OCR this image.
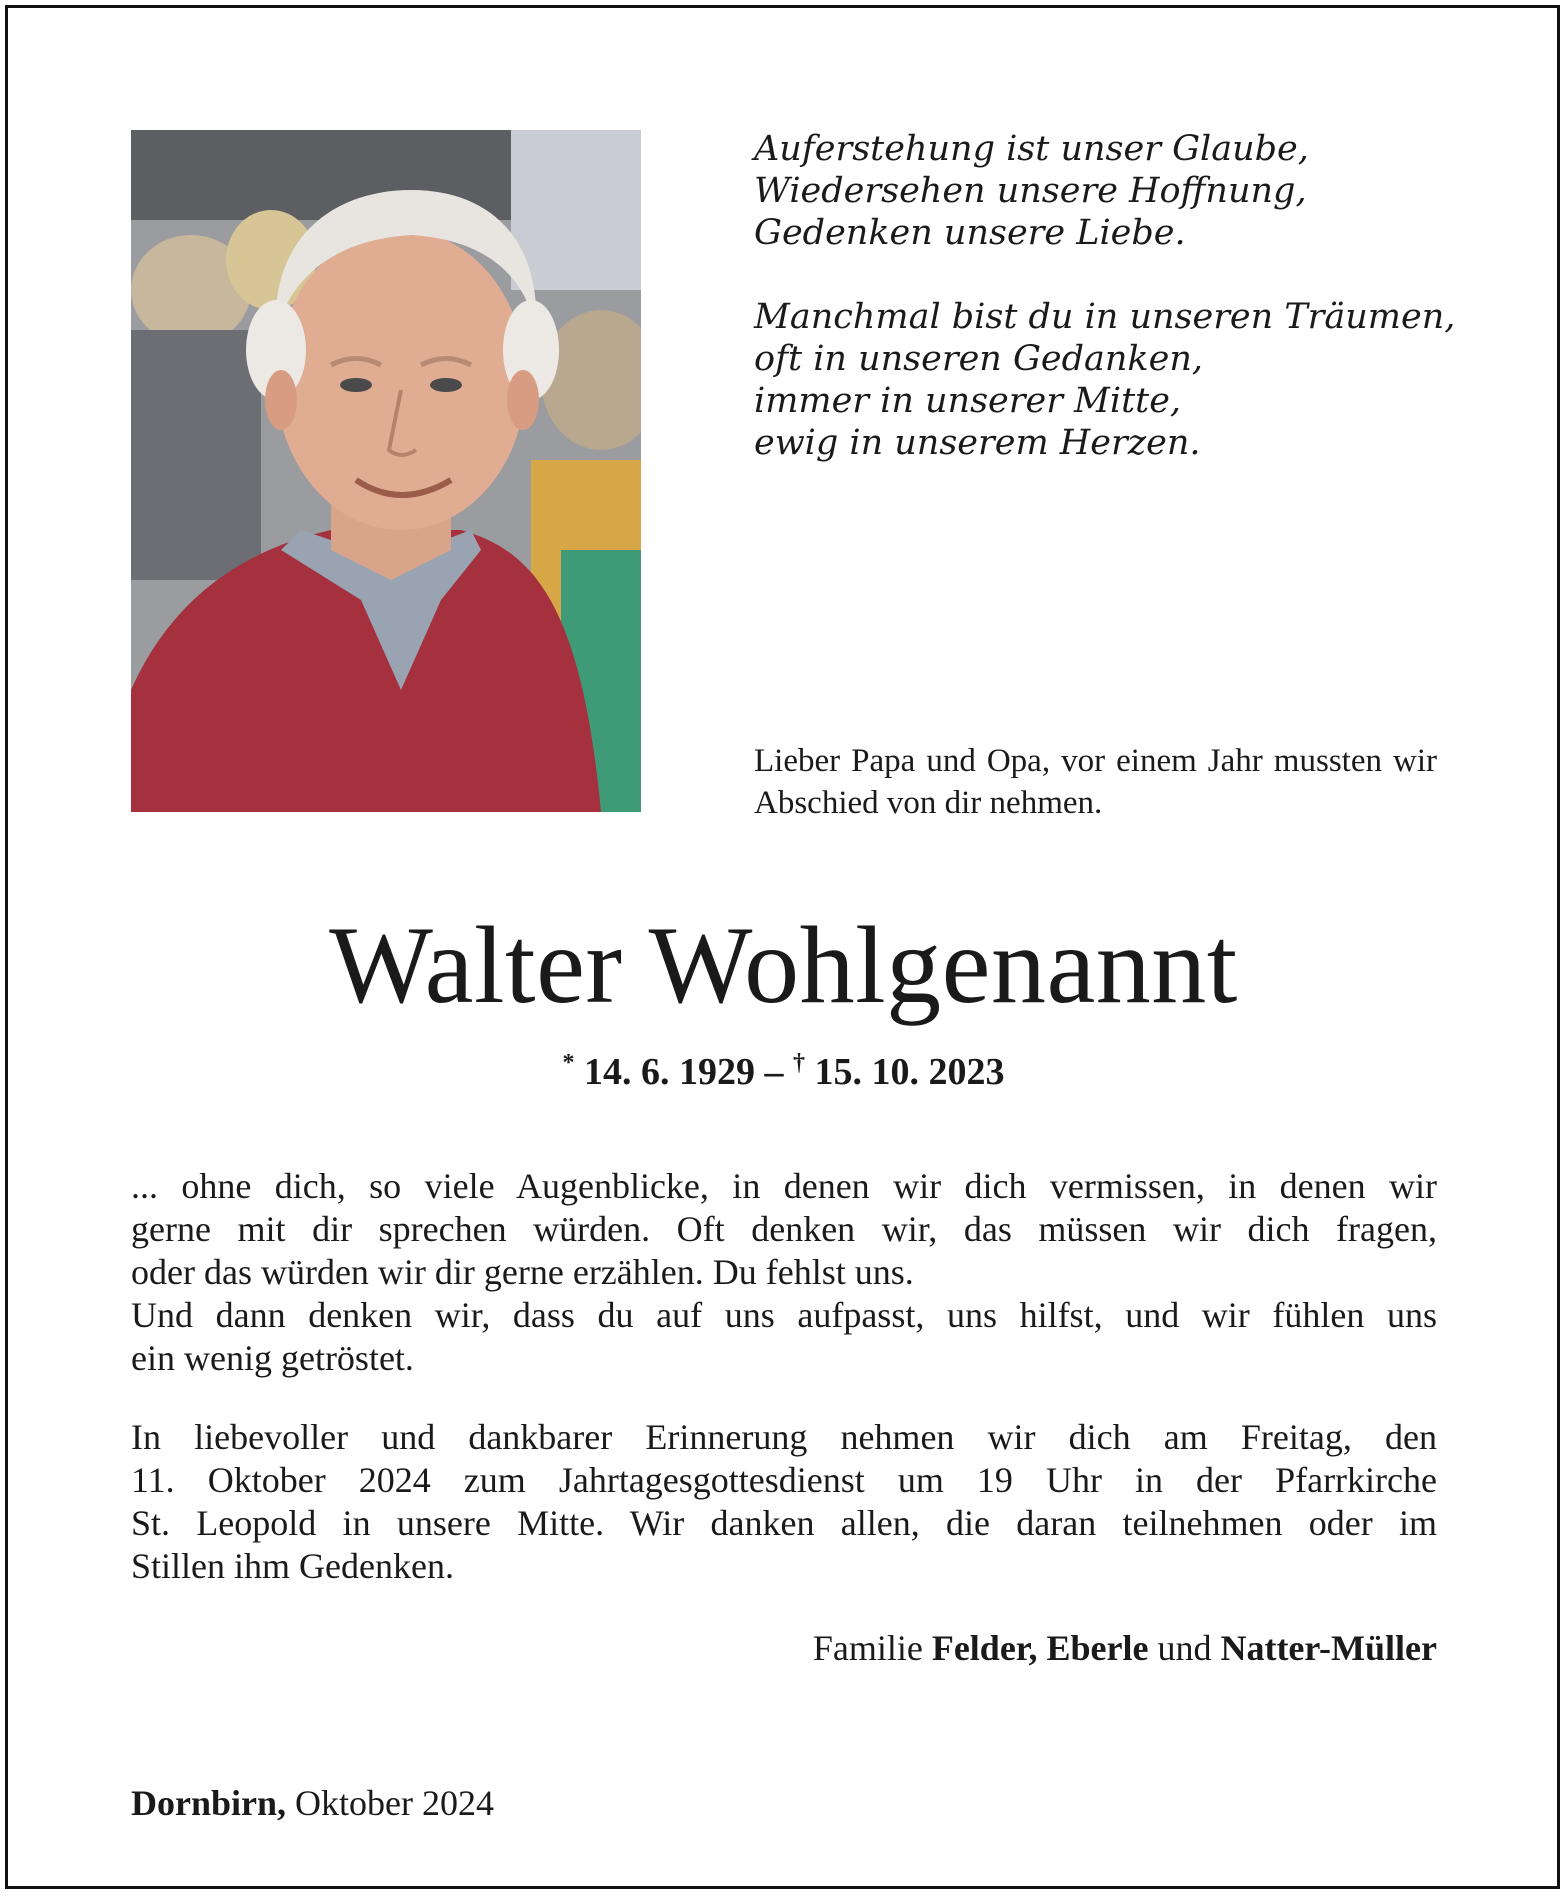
Auferstehung ist unser Glaube,
Wiedersehen unsere Hoffnung,
Gedenken unsere Liebe.
Manchmal bist du in unseren Träumen,
oft in unseren Gedanken,
immer in unserer Mitte,
ewig in unserem Herzen.
Lieber Papa und Opa, vor einem Jahr mussten wir Abschied von dir nehmen.
Walter Wohlgenannt
* 14. 6. 1929 – † 15. 10. 2023
... ohne dich, so viele Augenblicke, in denen wir dich vermissen, in denen wir
gerne mit dir sprechen würden. Oft denken wir, das müssen wir dich fragen,
oder das würden wir dir gerne erzählen. Du fehlst uns.
Und dann denken wir, dass du auf uns aufpasst, uns hilfst, und wir fühlen uns
ein wenig getröstet.
In liebevoller und dankbarer Erinnerung nehmen wir dich am Freitag, den
11. Oktober 2024 zum Jahrtagesgottesdienst um 19 Uhr in der Pfarrkirche
St. Leopold in unsere Mitte. Wir danken allen, die daran teilnehmen oder im
Stillen ihm Gedenken.
Familie Felder, Eberle und Natter-Müller
Dornbirn, Oktober 2024
